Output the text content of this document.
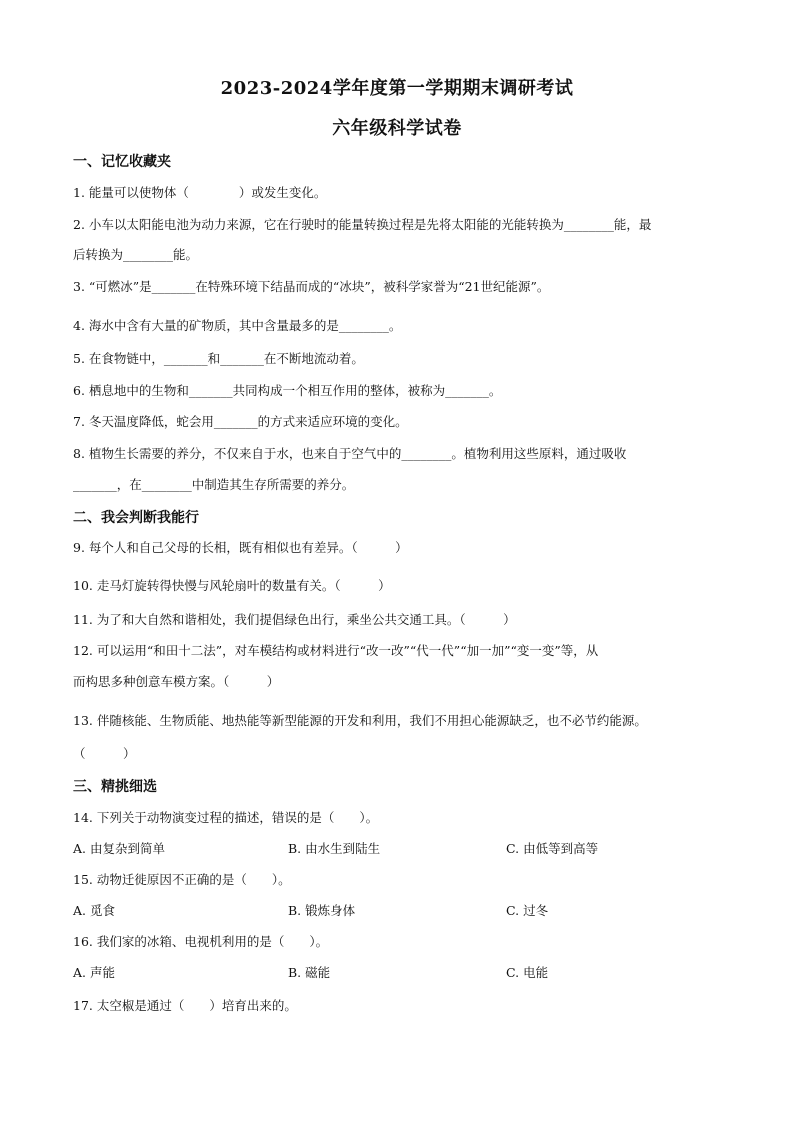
2023-2024学年度第一学期期末调研考试
六年级科学试卷
一、记忆收藏夹
1. 能量可以使物体（　　　　）或发生变化。
2. 小车以太阳能电池为动力来源，它在行驶时的能量转换过程是先将太阳能的光能转换为________能，最
后转换为________能。
3. “可燃冰”是_______在特殊环境下结晶而成的“冰块”，被科学家誉为“21世纪能源”。
4. 海水中含有大量的矿物质，其中含量最多的是________。
5. 在食物链中，_______和_______在不断地流动着。
6. 栖息地中的生物和_______共同构成一个相互作用的整体，被称为_______。
7. 冬天温度降低，蛇会用_______的方式来适应环境的变化。
8. 植物生长需要的养分，不仅来自于水，也来自于空气中的________。植物利用这些原料，通过吸收
_______，在________中制造其生存所需要的养分。
二、我会判断我能行
9. 每个人和自己父母的长相，既有相似也有差异。（　　　）
10. 走马灯旋转得快慢与风轮扇叶的数量有关。（　　　）
11. 为了和大自然和谐相处，我们提倡绿色出行，乘坐公共交通工具。（　　　）
12. 可以运用“和田十二法”，对车模结构或材料进行“改一改”“代一代”“加一加”“变一变”等，从
而构思多种创意车模方案。（　　　）
13. 伴随核能、生物质能、地热能等新型能源的开发和利用，我们不用担心能源缺乏，也不必节约能源。
（　　　）
三、精挑细选
14. 下列关于动物演变过程的描述，错误的是（　　）。
A. 由复杂到简单	B. 由水生到陆生	C. 由低等到高等
15. 动物迁徙原因不正确的是（　　）。
A. 觅食	B. 锻炼身体	C. 过冬
16. 我们家的冰箱、电视机利用的是（　　）。
A. 声能	B. 磁能	C. 电能
17. 太空椒是通过（　　）培育出来的。
